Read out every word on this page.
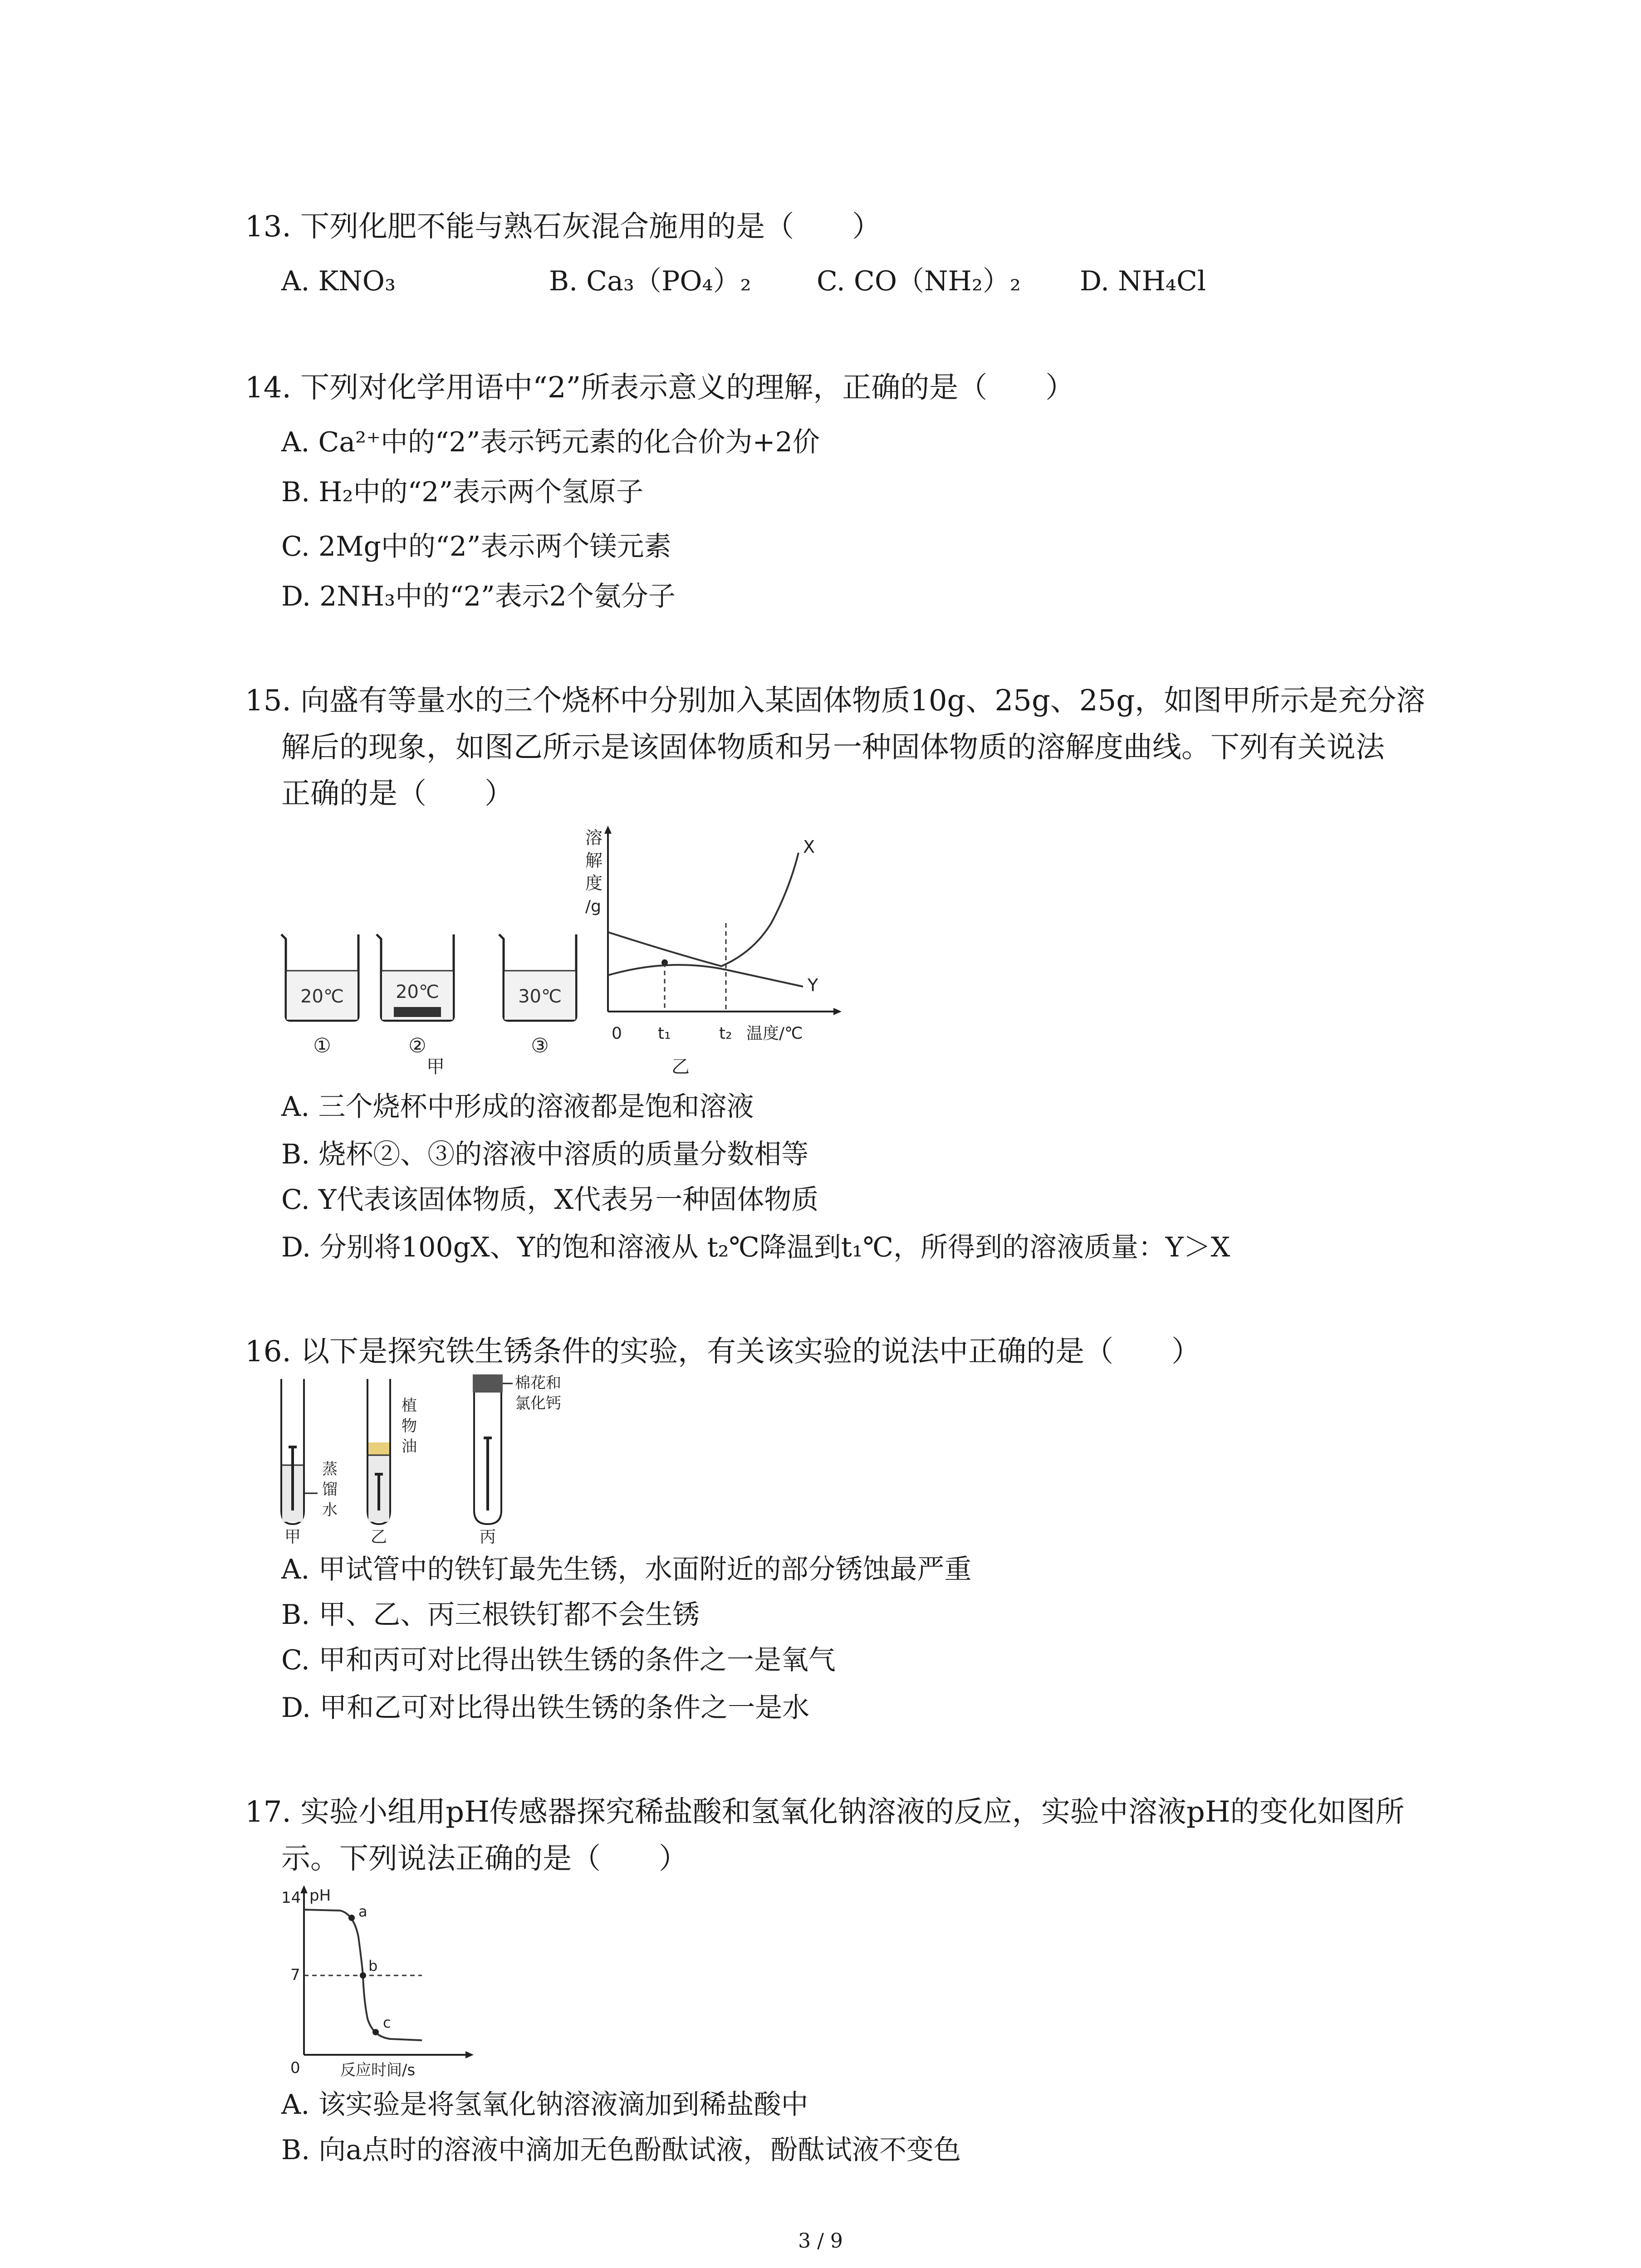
13. 下列化肥不能与熟石灰混合施用的是（　　）
A. KNO₃	B. Ca₃（PO₄）₂ C. CO（NH₂）₂ D. NH₄Cl
14. 下列对化学用语中“2”所表示意义的理解，正确的是（　　）
A. Ca²⁺中的“2”表示钙元素的化合价为+2价
B. H₂中的“2”表示两个氢原子
C. 2Mg中的“2”表示两个镁元素
D. 2NH₃中的“2”表示2个氨分子
15. 向盛有等量水的三个烧杯中分别加入某固体物质10g、25g、25g，如图甲所示是充分溶
解后的现象，如图乙所示是该固体物质和另一种固体物质的溶解度曲线。下列有关说法
正确的是（　　）
20℃
①
20℃
②
30℃
③
甲
溶
解
度
/g
X
Y
0 t₁	t₂ 温度/℃
乙
A. 三个烧杯中形成的溶液都是饱和溶液
B. 烧杯②、③的溶液中溶质的质量分数相等
C. Y代表该固体物质，X代表另一种固体物质
D. 分别将100gX、Y的饱和溶液从 t₂℃降温到t₁℃，所得到的溶液质量：Y＞X
16. 以下是探究铁生锈条件的实验，有关该实验的说法中正确的是（　　）
甲
蒸
馏
水
乙
植
物
油
丙
棉花和
氯化钙
A. 甲试管中的铁钉最先生锈，水面附近的部分锈蚀最严重
B. 甲、乙、丙三根铁钉都不会生锈
C. 甲和丙可对比得出铁生锈的条件之一是氧气
D. 甲和乙可对比得出铁生锈的条件之一是水
17. 实验小组用pH传感器探究稀盐酸和氢氧化钠溶液的反应，实验中溶液pH的变化如图所
示。下列说法正确的是（　　）
14 pH
7
0	反应时间/s
a
b
c
A. 该实验是将氢氧化钠溶液滴加到稀盐酸中
B. 向a点时的溶液中滴加无色酚酞试液，酚酞试液不变色
3 / 9
